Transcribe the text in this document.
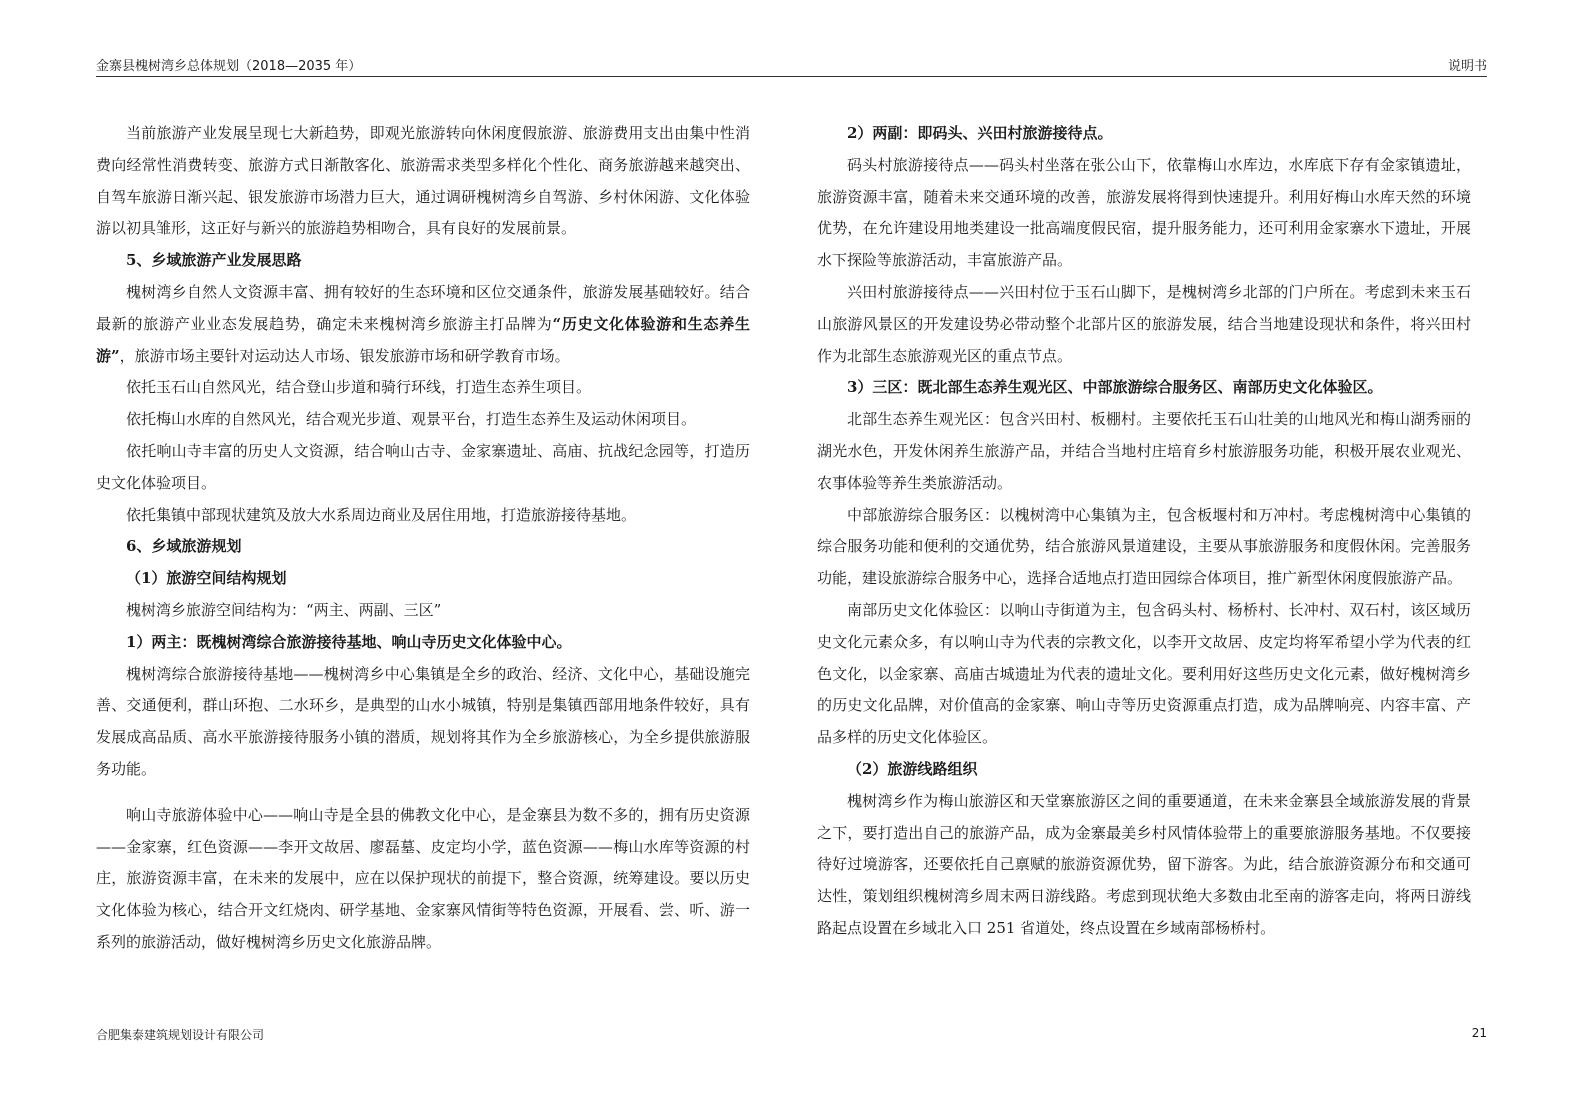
金寨县槐树湾乡总体规划（2018—2035 年）	说明书

当前旅游产业发展呈现七大新趋势，即观光旅游转向休闲度假旅游、旅游费用支出由集中性消费向经常性消费转变、旅游方式日渐散客化、旅游需求类型多样化个性化、商务旅游越来越突出、自驾车旅游日渐兴起、银发旅游市场潜力巨大，通过调研槐树湾乡自驾游、乡村休闲游、文化体验游以初具雏形，这正好与新兴的旅游趋势相吻合，具有良好的发展前景。

5、乡域旅游产业发展思路

槐树湾乡自然人文资源丰富、拥有较好的生态环境和区位交通条件，旅游发展基础较好。结合最新的旅游产业业态发展趋势，确定未来槐树湾乡旅游主打品牌为“历史文化体验游和生态养生游”，旅游市场主要针对运动达人市场、银发旅游市场和研学教育市场。

依托玉石山自然风光，结合登山步道和骑行环线，打造生态养生项目。

依托梅山水库的自然风光，结合观光步道、观景平台，打造生态养生及运动休闲项目。

依托响山寺丰富的历史人文资源，结合响山古寺、金家寨遗址、高庙、抗战纪念园等，打造历史文化体验项目。

依托集镇中部现状建筑及放大水系周边商业及居住用地，打造旅游接待基地。

6、乡域旅游规划

（1）旅游空间结构规划

槐树湾乡旅游空间结构为：“两主、两副、三区”

1）两主：既槐树湾综合旅游接待基地、响山寺历史文化体验中心。

槐树湾综合旅游接待基地——槐树湾乡中心集镇是全乡的政治、经济、文化中心，基础设施完善、交通便利，群山环抱、二水环乡，是典型的山水小城镇，特别是集镇西部用地条件较好，具有发展成高品质、高水平旅游接待服务小镇的潜质，规划将其作为全乡旅游核心，为全乡提供旅游服务功能。

响山寺旅游体验中心——响山寺是全县的佛教文化中心，是金寨县为数不多的，拥有历史资源——金家寨，红色资源——李开文故居、廖磊墓、皮定均小学，蓝色资源——梅山水库等资源的村庄，旅游资源丰富，在未来的发展中，应在以保护现状的前提下，整合资源，统筹建设。要以历史文化体验为核心，结合开文红烧肉、研学基地、金家寨风情街等特色资源，开展看、尝、听、游一系列的旅游活动，做好槐树湾乡历史文化旅游品牌。

2）两副：即码头、兴田村旅游接待点。

码头村旅游接待点——码头村坐落在张公山下，依靠梅山水库边，水库底下存有金家镇遗址，旅游资源丰富，随着未来交通环境的改善，旅游发展将得到快速提升。利用好梅山水库天然的环境优势，在允许建设用地类建设一批高端度假民宿，提升服务能力，还可利用金家寨水下遗址，开展水下探险等旅游活动，丰富旅游产品。

兴田村旅游接待点——兴田村位于玉石山脚下，是槐树湾乡北部的门户所在。考虑到未来玉石山旅游风景区的开发建设势必带动整个北部片区的旅游发展，结合当地建设现状和条件，将兴田村作为北部生态旅游观光区的重点节点。

3）三区：既北部生态养生观光区、中部旅游综合服务区、南部历史文化体验区。

北部生态养生观光区：包含兴田村、板棚村。主要依托玉石山壮美的山地风光和梅山湖秀丽的湖光水色，开发休闲养生旅游产品，并结合当地村庄培育乡村旅游服务功能，积极开展农业观光、农事体验等养生类旅游活动。

中部旅游综合服务区：以槐树湾中心集镇为主，包含板堰村和万冲村。考虑槐树湾中心集镇的综合服务功能和便利的交通优势，结合旅游风景道建设，主要从事旅游服务和度假休闲。完善服务功能，建设旅游综合服务中心，选择合适地点打造田园综合体项目，推广新型休闲度假旅游产品。

南部历史文化体验区：以响山寺街道为主，包含码头村、杨桥村、长冲村、双石村，该区域历史文化元素众多，有以响山寺为代表的宗教文化，以李开文故居、皮定均将军希望小学为代表的红色文化，以金家寨、高庙古城遗址为代表的遗址文化。要利用好这些历史文化元素，做好槐树湾乡的历史文化品牌，对价值高的金家寨、响山寺等历史资源重点打造，成为品牌响亮、内容丰富、产品多样的历史文化体验区。

（2）旅游线路组织

槐树湾乡作为梅山旅游区和天堂寨旅游区之间的重要通道，在未来金寨县全域旅游发展的背景之下，要打造出自己的旅游产品，成为金寨最美乡村风情体验带上的重要旅游服务基地。不仅要接待好过境游客，还要依托自己禀赋的旅游资源优势，留下游客。为此，结合旅游资源分布和交通可达性，策划组织槐树湾乡周末两日游线路。考虑到现状绝大多数由北至南的游客走向，将两日游线路起点设置在乡域北入口 251 省道处，终点设置在乡域南部杨桥村。

合肥集泰建筑规划设计有限公司	21
